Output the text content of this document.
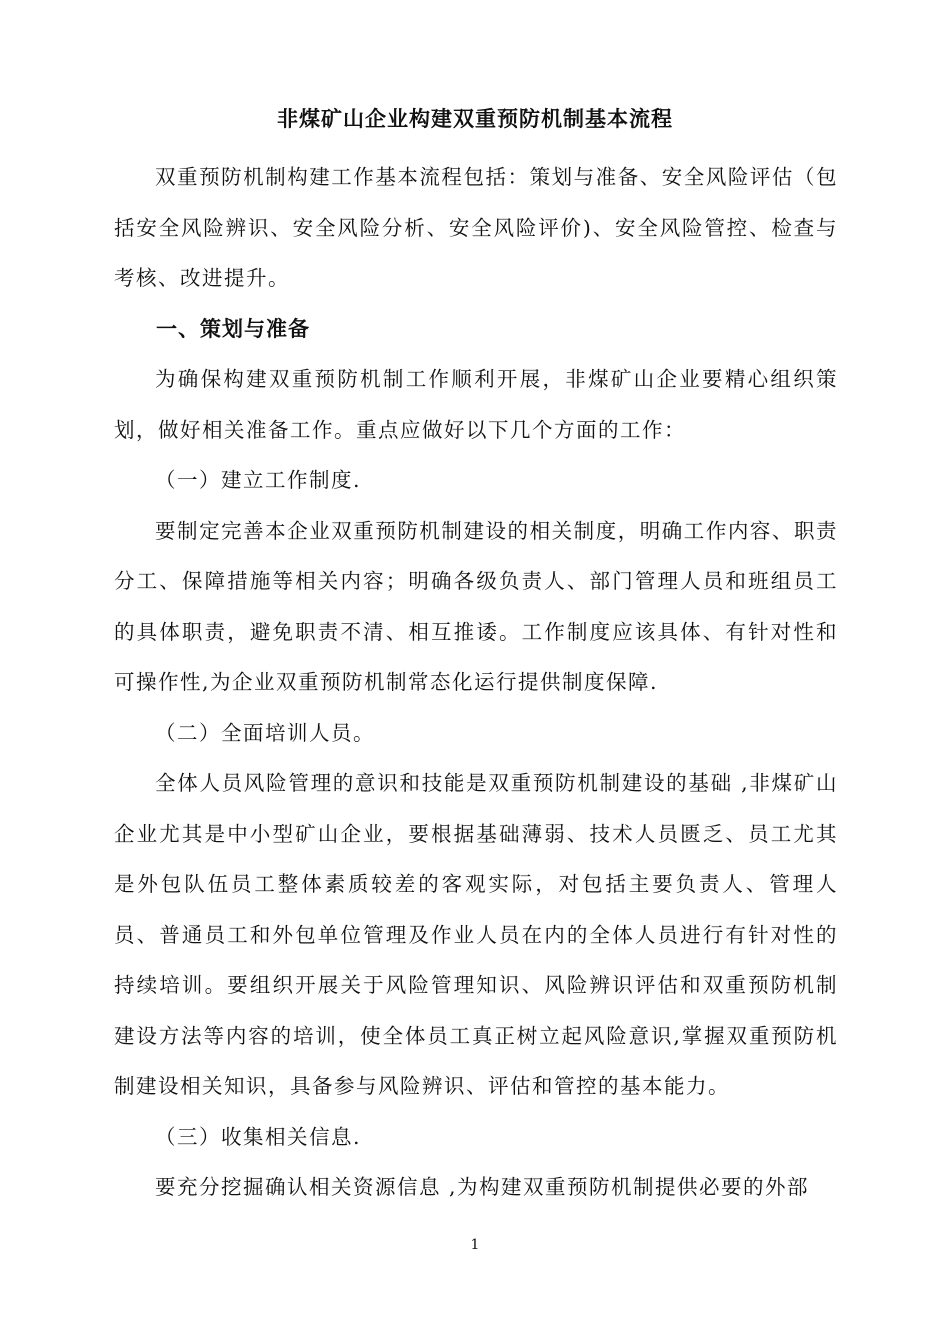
非煤矿山企业构建双重预防机制基本流程

双重预防机制构建工作基本流程包括：策划与准备、安全风险评估（包括安全风险辨识、安全风险分析、安全风险评价)、安全风险管控、检查与考核、改进提升。

一、策划与准备

为确保构建双重预防机制工作顺利开展，非煤矿山企业要精心组织策划，做好相关准备工作。重点应做好以下几个方面的工作：

（一）建立工作制度.

要制定完善本企业双重预防机制建设的相关制度，明确工作内容、职责分工、保障措施等相关内容；明确各级负责人、部门管理人员和班组员工的具体职责，避免职责不清、相互推诿。工作制度应该具体、有针对性和可操作性,为企业双重预防机制常态化运行提供制度保障.

（二）全面培训人员。

全体人员风险管理的意识和技能是双重预防机制建设的基础 ,非煤矿山企业尤其是中小型矿山企业，要根据基础薄弱、技术人员匮乏、员工尤其是外包队伍员工整体素质较差的客观实际，对包括主要负责人、管理人员、普通员工和外包单位管理及作业人员在内的全体人员进行有针对性的持续培训。要组织开展关于风险管理知识、风险辨识评估和双重预防机制建设方法等内容的培训，使全体员工真正树立起风险意识,掌握双重预防机制建设相关知识，具备参与风险辨识、评估和管控的基本能力。

（三）收集相关信息.

要充分挖掘确认相关资源信息 ,为构建双重预防机制提供必要的外部

1
